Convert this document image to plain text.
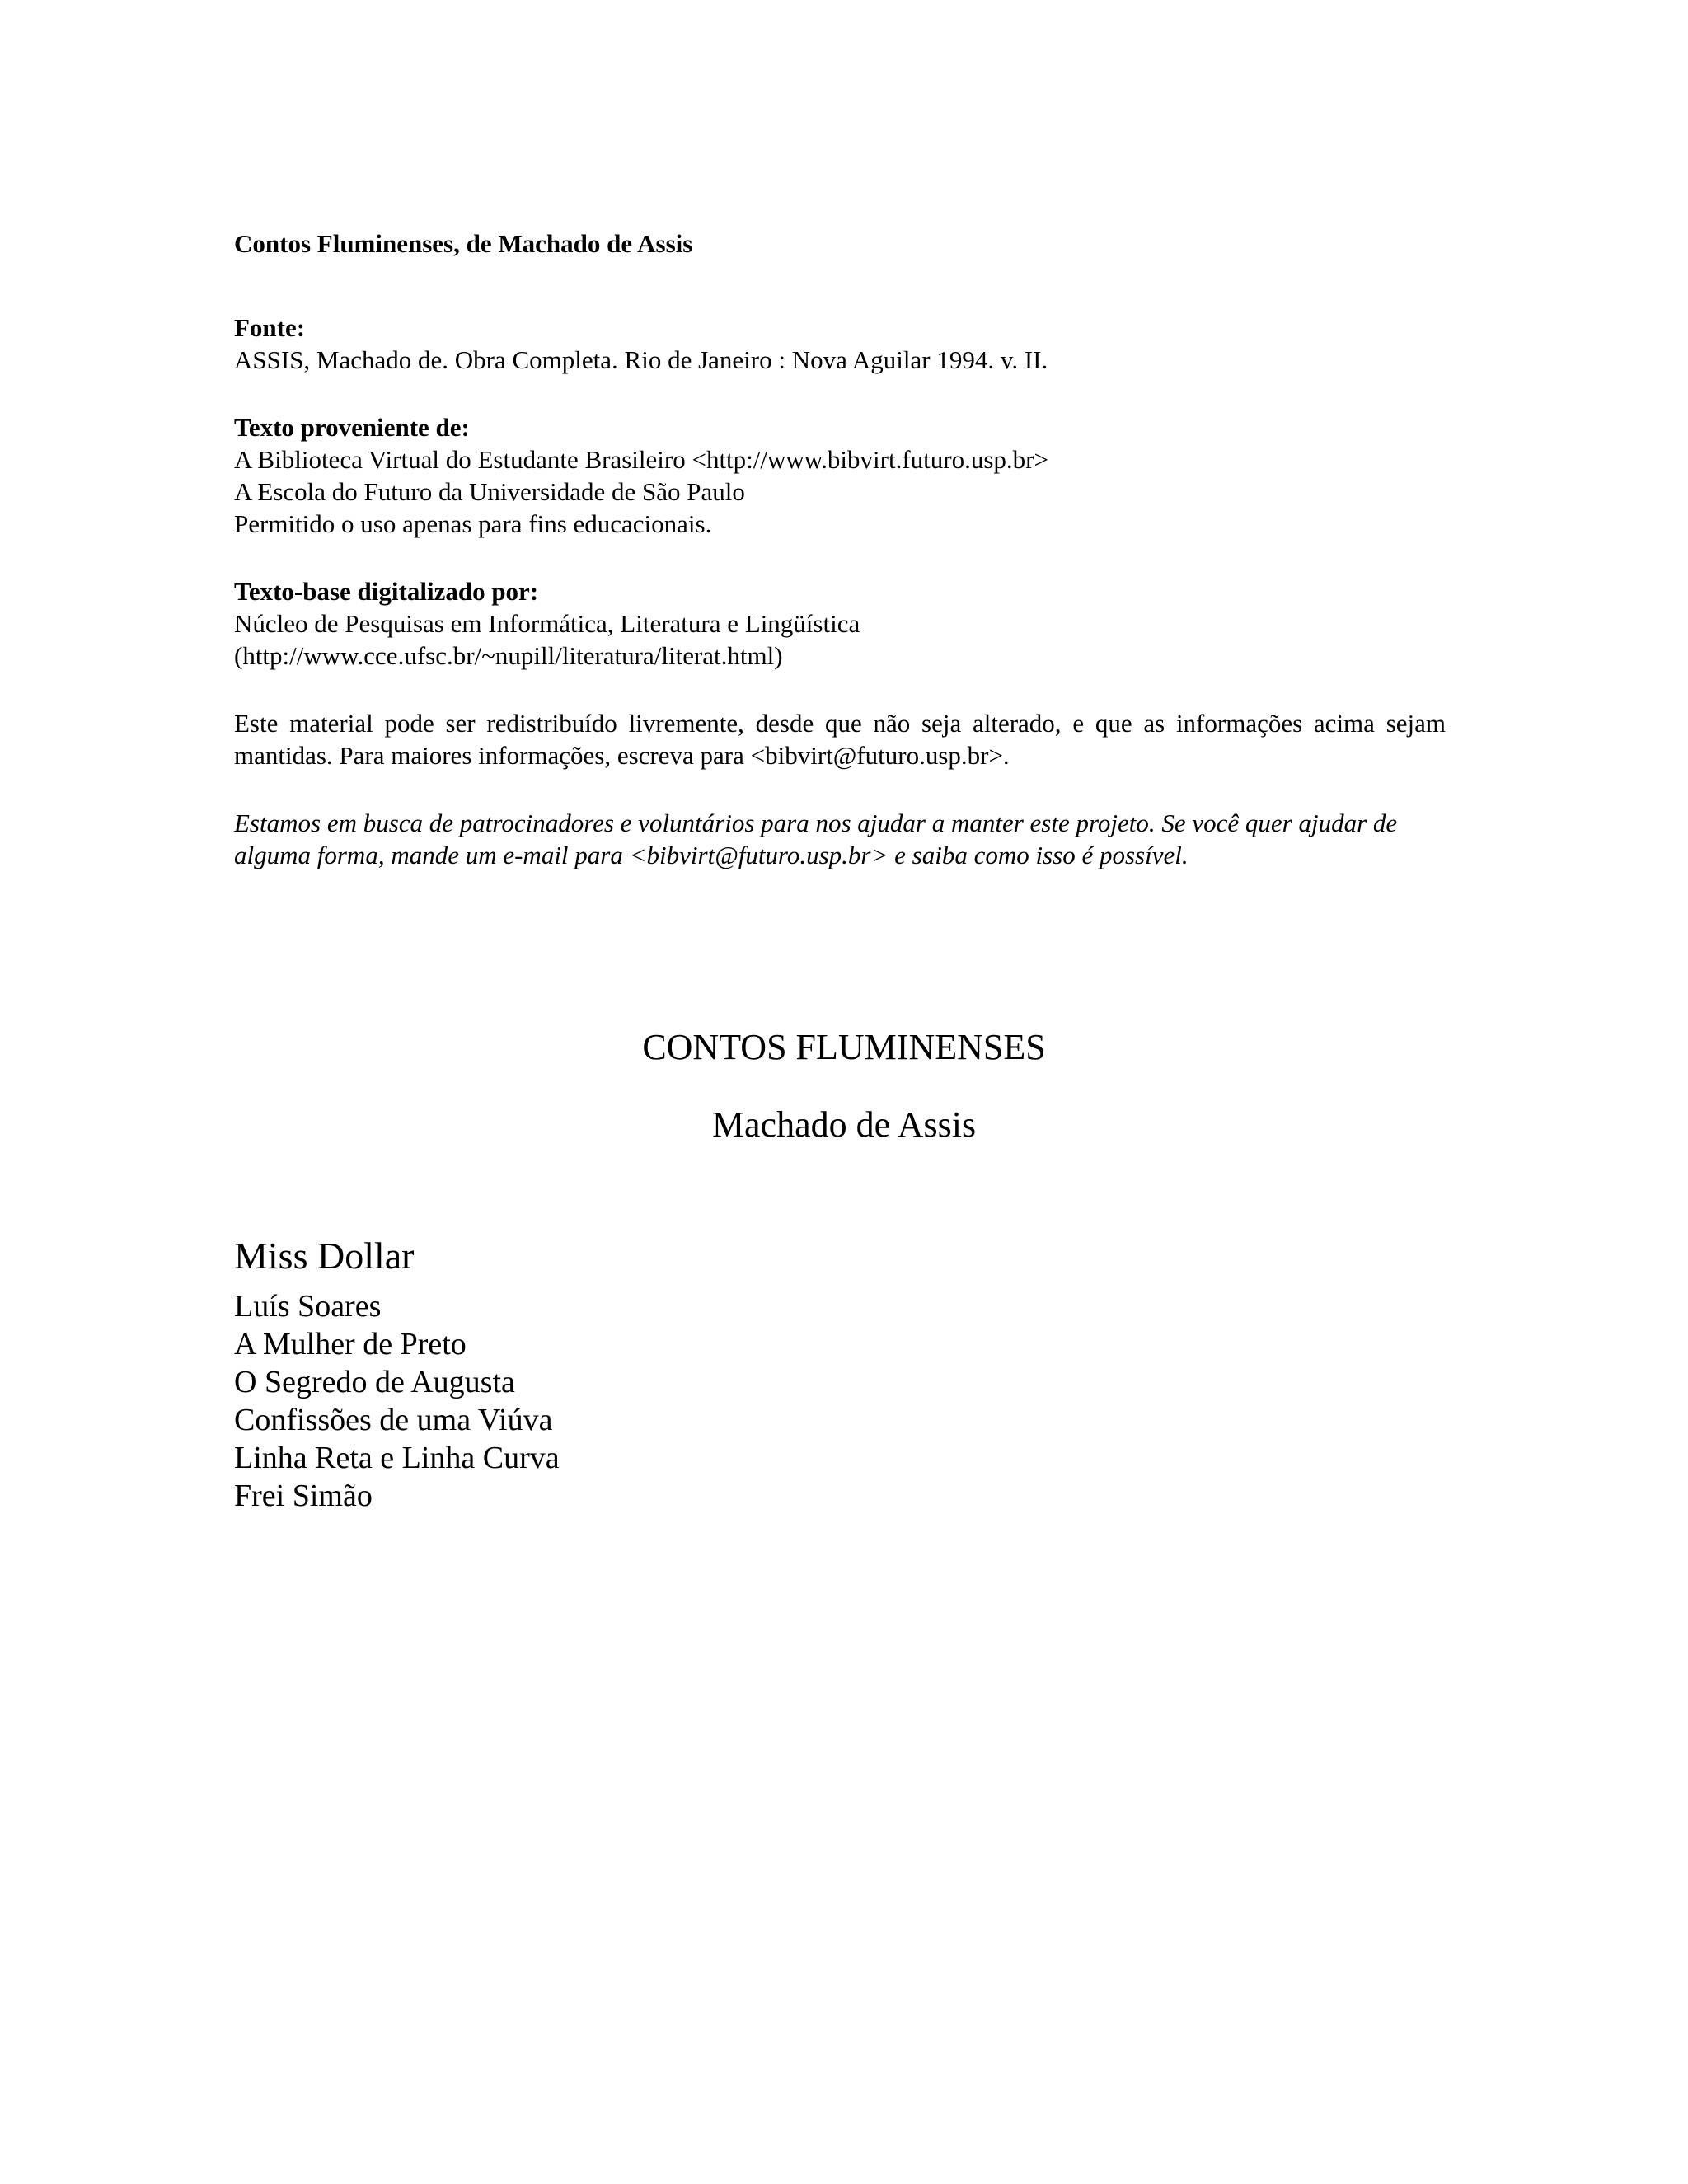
Contos Fluminenses, de Machado de Assis

Fonte:
ASSIS, Machado de. Obra Completa. Rio de Janeiro : Nova Aguilar 1994. v. II.

Texto proveniente de:
A Biblioteca Virtual do Estudante Brasileiro <http://www.bibvirt.futuro.usp.br>
A Escola do Futuro da Universidade de São Paulo
Permitido o uso apenas para fins educacionais.

Texto-base digitalizado por:
Núcleo de Pesquisas em Informática, Literatura e Lingüística
(http://www.cce.ufsc.br/~nupill/literatura/literat.html)

Este material pode ser redistribuído livremente, desde que não seja alterado, e que as informações acima sejam mantidas. Para maiores informações, escreva para <bibvirt@futuro.usp.br>.

Estamos em busca de patrocinadores e voluntários para nos ajudar a manter este projeto. Se você quer ajudar de alguma forma, mande um e-mail para <bibvirt@futuro.usp.br> e saiba como isso é possível.

CONTOS FLUMINENSES
Machado de Assis
Miss Dollar
Luís Soares
A Mulher de Preto
O Segredo de Augusta
Confissões de uma Viúva
Linha Reta e Linha Curva
Frei Simão
